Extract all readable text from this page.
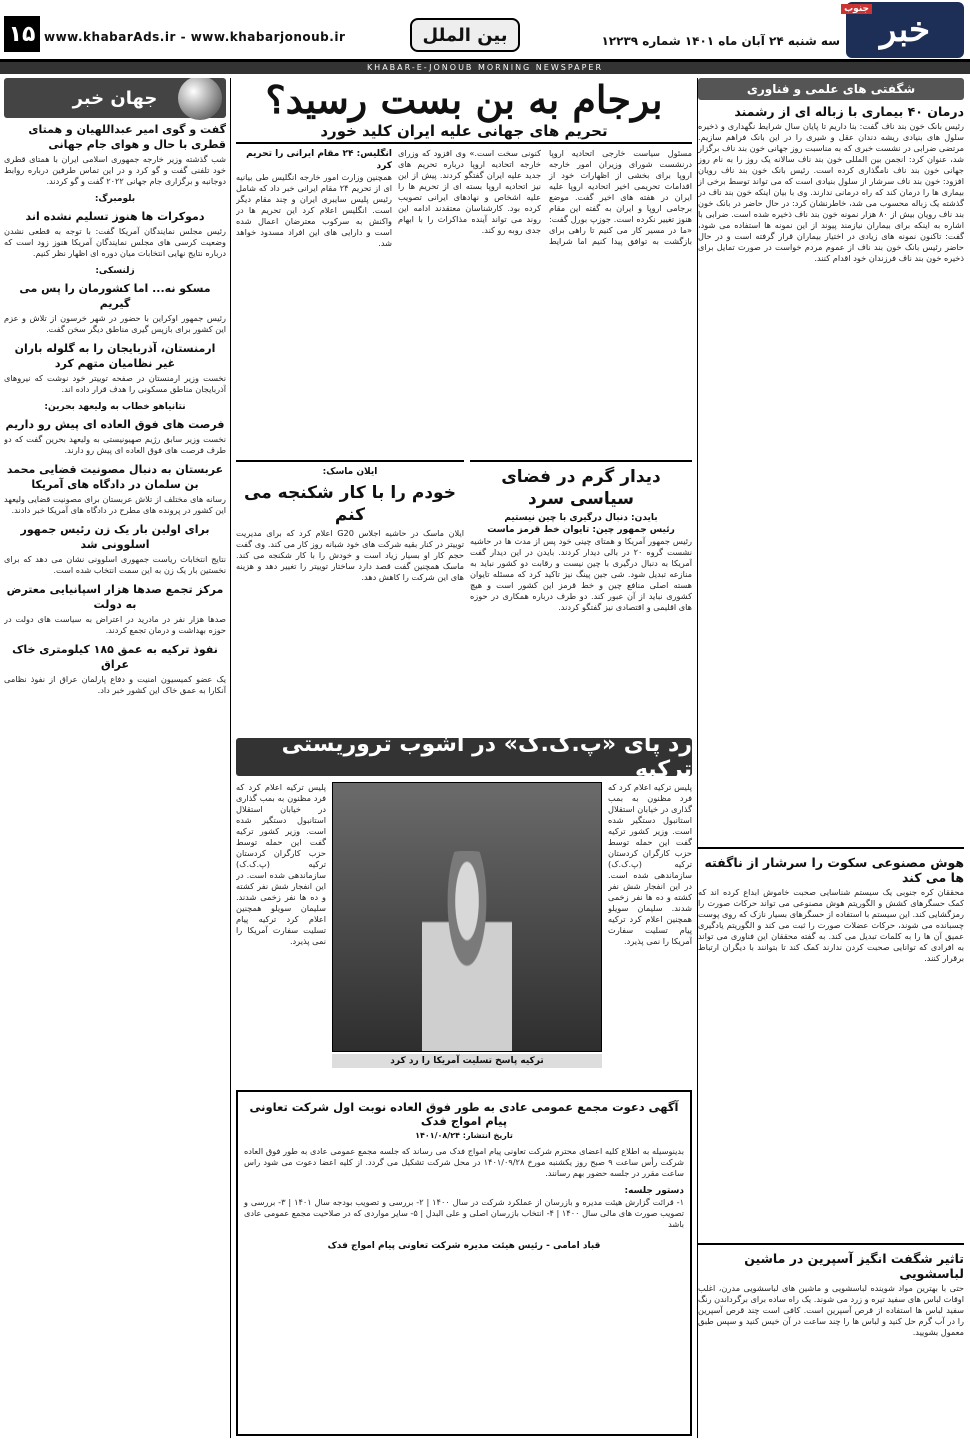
خبر
جنوب
سه شنبه ۲۴ آبان ماه ۱۴۰۱ شماره ۱۲۲۳۹
بین الملل
www.khabarAds.ir - www.khabarjonoub.ir
۱۵
KHABAR-E-JONOUB MORNING NEWSPAPER
شگفتی های علمی و فناوری
درمان ۴۰ بیماری با زباله ای از رشمند
رئیس بانک خون بند ناف گفت: بنا داریم تا پایان سال شرایط نگهداری و ذخیره سلول های بنیادی ریشه دندان عقل و شیری را در این بانک فراهم سازیم. مرتضی ضرابی در نشست خبری که به مناسبت روز جهانی خون بند ناف برگزار شد، عنوان کرد: انجمن بین المللی خون بند ناف سالانه یک روز را به نام روز جهانی خون بند ناف نامگذاری کرده است. رئیس بانک خون بند ناف رویان افزود: خون بند ناف سرشار از سلول بنیادی است که می تواند توسط برخی از بیماری ها را درمان کند که راه درمانی ندارند. وی با بیان اینکه خون بند ناف در گذشته یک زباله محسوب می شد، خاطرنشان کرد: در حال حاضر در بانک خون بند ناف رویان بیش از ۸۰ هزار نمونه خون بند ناف ذخیره شده است. ضرابی با اشاره به اینکه برای بیماران نیازمند پیوند از این نمونه ها استفاده می شود، گفت: تاکنون نمونه های زیادی در اختیار بیماران قرار گرفته است و در حال حاضر رئیس بانک خون بند ناف از عموم مردم خواست در صورت تمایل برای ذخیره خون بند ناف فرزندان خود اقدام کنند.
هوش مصنوعی سکوت را سرشار از ناگفته ها می کند
محققان کره جنوبی یک سیستم شناسایی صحبت خاموش ابداع کرده اند که کمک حسگرهای کشش و الگوریتم هوش مصنوعی می تواند حرکات صورت را رمزگشایی کند. این سیستم با استفاده از حسگرهای بسیار نازک که روی پوست چسبانده می شوند، حرکات عضلات صورت را ثبت می کند و الگوریتم یادگیری عمیق آن ها را به کلمات تبدیل می کند. به گفته محققان این فناوری می تواند به افرادی که توانایی صحبت کردن ندارند کمک کند تا بتوانند با دیگران ارتباط برقرار کنند.
تاثیر شگفت انگیز آسپرین در ماشین لباسشویی
حتی با بهترین مواد شوینده لباسشویی و ماشین های لباسشویی مدرن، اغلب اوقات لباس های سفید تیره و زرد می شوند. یک راه ساده برای برگرداندن رنگ سفید لباس ها استفاده از قرص آسپرین است. کافی است چند قرص آسپرین را در آب گرم حل کنید و لباس ها را چند ساعت در آن خیس کنید و سپس طبق معمول بشویید.
برجام به بن بست رسید؟
تحریم های جهانی علیه ایران کلید خورد
مسئول سیاست خارجی اتحادیه اروپا درنشست شورای وزیران امور خارجه اروپا برای بخشی از اظهارات خود از اقدامات تحریمی اخیر اتحادیه اروپا علیه ایران در هفته های اخیر گفت. موضع برجامی اروپا و ایران به گفته این مقام هنوز تغییر نکرده است. جوزپ بورل گفت: «ما در مسیر کار می کنیم تا راهی برای بازگشت به توافق پیدا کنیم اما شرایط کنونی سخت است.» وی افزود که وزرای خارجه اتحادیه اروپا درباره تحریم های جدید علیه ایران گفتگو کردند. پیش از این نیز اتحادیه اروپا بسته ای از تحریم ها را علیه اشخاص و نهادهای ایرانی تصویب کرده بود. کارشناسان معتقدند ادامه این روند می تواند آینده مذاکرات را با ابهام جدی روبه رو کند.
انگلیس: ۲۴ مقام ایرانی را تحریم کرد
همچنین وزارت امور خارجه انگلیس طی بیانیه ای از تحریم ۲۴ مقام ایرانی خبر داد که شامل رئیس پلیس سایبری ایران و چند مقام دیگر است. انگلیس اعلام کرد این تحریم ها در واکنش به سرکوب معترضان اعمال شده است و دارایی های این افراد مسدود خواهد شد.
ایلان ماسک:
خودم را با کار شکنجه می کنم
ایلان ماسک در حاشیه اجلاس G20 اعلام کرد که برای مدیریت توییتر در کنار بقیه شرکت های خود شبانه روز کار می کند. وی گفت حجم کار او بسیار زیاد است و خودش را با کار شکنجه می کند. ماسک همچنین گفت قصد دارد ساختار توییتر را تغییر دهد و هزینه های این شرکت را کاهش دهد.
دیدار گرم در فضای سیاسی سرد
بایدن: دنبال درگیری با چین نیستیم
رئیس جمهور چین: تایوان خط قرمز ماست
رئیس جمهور آمریکا و همتای چینی خود پس از مدت ها در حاشیه نشست گروه ۲۰ در بالی دیدار کردند. بایدن در این دیدار گفت آمریکا به دنبال درگیری با چین نیست و رقابت دو کشور نباید به منازعه تبدیل شود. شی جین پینگ نیز تاکید کرد که مسئله تایوان هسته اصلی منافع چین و خط قرمز این کشور است و هیچ کشوری نباید از آن عبور کند. دو طرف درباره همکاری در حوزه های اقلیمی و اقتصادی نیز گفتگو کردند.
رد پای «پ.ک.ک» در آشوب تروریستی ترکیه
پلیس ترکیه اعلام کرد که فرد مظنون به بمب گذاری در خیابان استقلال استانبول دستگیر شده است. وزیر کشور ترکیه گفت این حمله توسط حزب کارگران کردستان ترکیه (پ.ک.ک) سازماندهی شده است. در این انفجار شش نفر کشته و ده ها نفر زخمی شدند. سلیمان سویلو همچنین اعلام کرد ترکیه پیام تسلیت سفارت آمریکا را نمی پذیرد.
ترکیه پاسخ تسلیت آمریکا را رد کرد
پلیس ترکیه اعلام کرد که فرد مظنون به بمب گذاری در خیابان استقلال استانبول دستگیر شده است. وزیر کشور ترکیه گفت این حمله توسط حزب کارگران کردستان ترکیه (پ.ک.ک) سازماندهی شده است. در این انفجار شش نفر کشته و ده ها نفر زخمی شدند. سلیمان سویلو همچنین اعلام کرد ترکیه پیام تسلیت سفارت آمریکا را نمی پذیرد.
آگهی دعوت مجمع عمومی عادی به طور فوق العاده نوبت اول شرکت تعاونی پیام امواج فدک
تاریخ انتشار: ۱۴۰۱/۰۸/۲۴
بدینوسیله به اطلاع کلیه اعضای محترم شرکت تعاونی پیام امواج فدک می رساند که جلسه مجمع عمومی عادی به طور فوق العاده شرکت رأس ساعت ۹ صبح روز یکشنبه مورخ ۱۴۰۱/۰۹/۲۸ در محل شرکت تشکیل می گردد. از کلیه اعضا دعوت می شود راس ساعت مقرر در جلسه حضور بهم رسانند.
دستور جلسه:
۱- قرائت گزارش هیئت مدیره و بازرسان از عملکرد شرکت در سال ۱۴۰۰ | ۲- بررسی و تصویب بودجه سال ۱۴۰۱ | ۳- بررسی و تصویب صورت های مالی سال ۱۴۰۰ | ۴- انتخاب بازرسان اصلی و علی البدل | ۵- سایر مواردی که در صلاحیت مجمع عمومی عادی باشد
قباد امامی - رئیس هیئت مدیره شرکت تعاونی پیام امواج فدک
جهان خبر
گفت و گوی امیر عبداللهیان و همتای قطری با حال و هوای جام جهانی
شب گذشته وزیر خارجه جمهوری اسلامی ایران با همتای قطری خود تلفنی گفت و گو کرد و در این تماس طرفین درباره روابط دوجانبه و برگزاری جام جهانی ۲۰۲۲ گفت و گو کردند.
بلومبرگ:
دموکرات ها هنوز تسلیم نشده اند
رئیس مجلس نمایندگان آمریکا گفت: با توجه به قطعی نشدن وضعیت کرسی های مجلس نمایندگان آمریکا هنوز زود است که درباره نتایج نهایی انتخابات میان دوره ای اظهار نظر کنیم.
زلنسکی:
مسکو نه... اما کشورمان را پس می گیریم
رئیس جمهور اوکراین با حضور در شهر خرسون از تلاش و عزم این کشور برای بازپس گیری مناطق دیگر سخن گفت.
ارمنستان، آذربایجان را به گلوله باران غیر نظامیان متهم کرد
نخست وزیر ارمنستان در صفحه توییتر خود نوشت که نیروهای آذربایجان مناطق مسکونی را هدف قرار داده اند.
نتانیاهو خطاب به ولیعهد بحرین:
فرصت های فوق العاده ای پیش رو داریم
نخست وزیر سابق رژیم صهیونیستی به ولیعهد بحرین گفت که دو طرف فرصت های فوق العاده ای پیش رو دارند.
عربستان به دنبال مصونیت قضایی محمد بن سلمان در دادگاه های آمریکا
رسانه های مختلف از تلاش عربستان برای مصونیت قضایی ولیعهد این کشور در پرونده های مطرح در دادگاه های آمریکا خبر دادند.
برای اولین بار یک زن رئیس جمهور اسلوونی شد
نتایج انتخابات ریاست جمهوری اسلوونی نشان می دهد که برای نخستین بار یک زن به این سمت انتخاب شده است.
مرکز تجمع صدها هزار اسپانیایی معترض به دولت
صدها هزار نفر در مادرید در اعتراض به سیاست های دولت در حوزه بهداشت و درمان تجمع کردند.
نفوذ ترکیه به عمق ۱۸۵ کیلومتری خاک عراق
یک عضو کمیسیون امنیت و دفاع پارلمان عراق از نفوذ نظامی آنکارا به عمق خاک این کشور خبر داد.
